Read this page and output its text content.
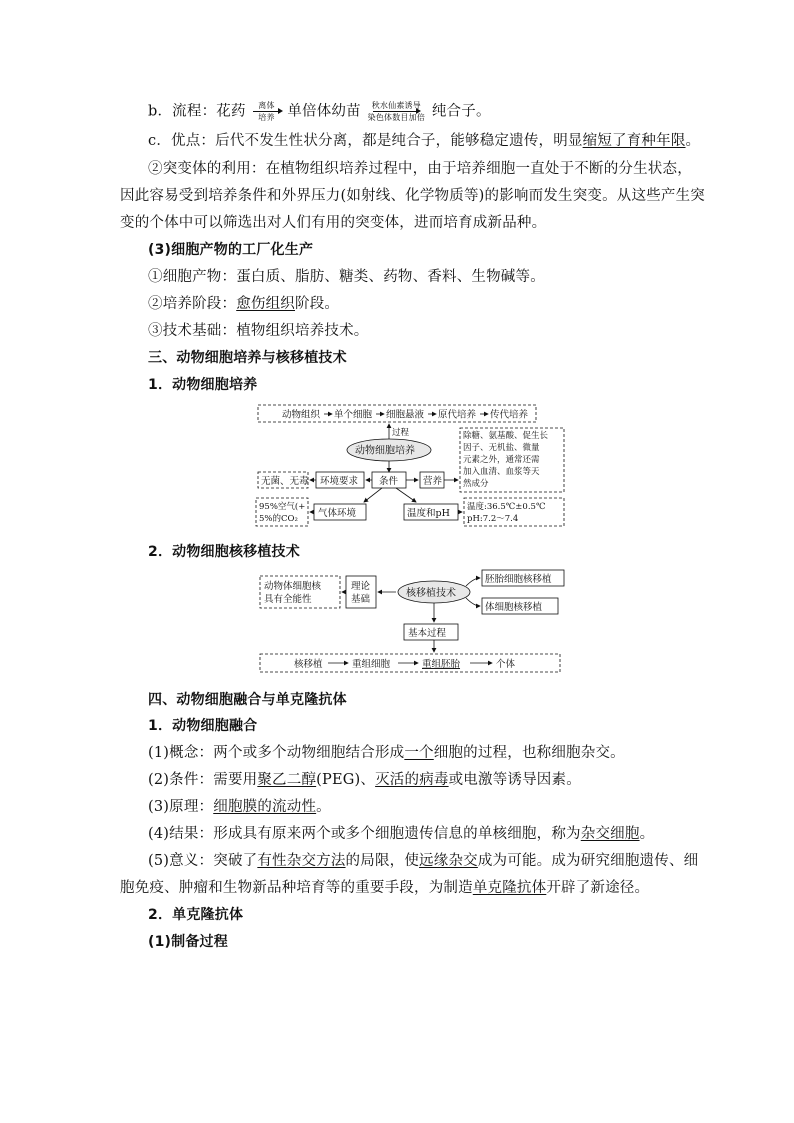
b．流程：花药 $\frac{\text{离体}}{\text{培养}}$ 单倍体幼苗 $\frac{\text{秋水仙素诱导}}{\text{染色体数目加倍}}$ 纯合子。
c．优点：后代不发生性状分离，都是纯合子，能够稳定遗传，明显缩短了育种年限。
②突变体的利用：在植物组织培养过程中，由于培养细胞一直处于不断的分生状态，
因此容易受到培养条件和外界压力(如射线、化学物质等)的影响而发生突变。从这些产生突
变的个体中可以筛选出对人们有用的突变体，进而培育成新品种。
(3)细胞产物的工厂化生产
①细胞产物：蛋白质、脂肪、糖类、药物、香料、生物碱等。
②培养阶段：愈伤组织阶段。
③技术基础：植物组织培养技术。
三、动物细胞培养与核移植技术
1．动物细胞培养
动物组织 单个细胞 细胞悬液 原代培养 传代培养
过程
动物细胞培养
除糖、氨基酸、促生长
因子、无机盐、微量
元素之外，通常还需
加入血清、血浆等天
然成分
条件
环境要求	营养
无菌、无毒
气体环境
95%空气(+
5%的CO₂	温度和pH
温度:36.5℃±0.5℃
pH:7.2～7.4
2．动物细胞核移植技术
动物体细胞核
具有全能性
理论
基础
核移植技术
胚胎细胞核移植
体细胞核移植
基本过程
核移植	重组细胞	重组胚胎	个体
四、动物细胞融合与单克隆抗体
1．动物细胞融合
(1)概念：两个或多个动物细胞结合形成一个细胞的过程，也称细胞杂交。
(2)条件：需要用聚乙二醇(PEG)、灭活的病毒或电激等诱导因素。
(3)原理：细胞膜的流动性。
(4)结果：形成具有原来两个或多个细胞遗传信息的单核细胞，称为杂交细胞。
(5)意义：突破了有性杂交方法的局限，使远缘杂交成为可能。成为研究细胞遗传、细
胞免疫、肿瘤和生物新品种培育等的重要手段，为制造单克隆抗体开辟了新途径。
2．单克隆抗体
(1)制备过程
